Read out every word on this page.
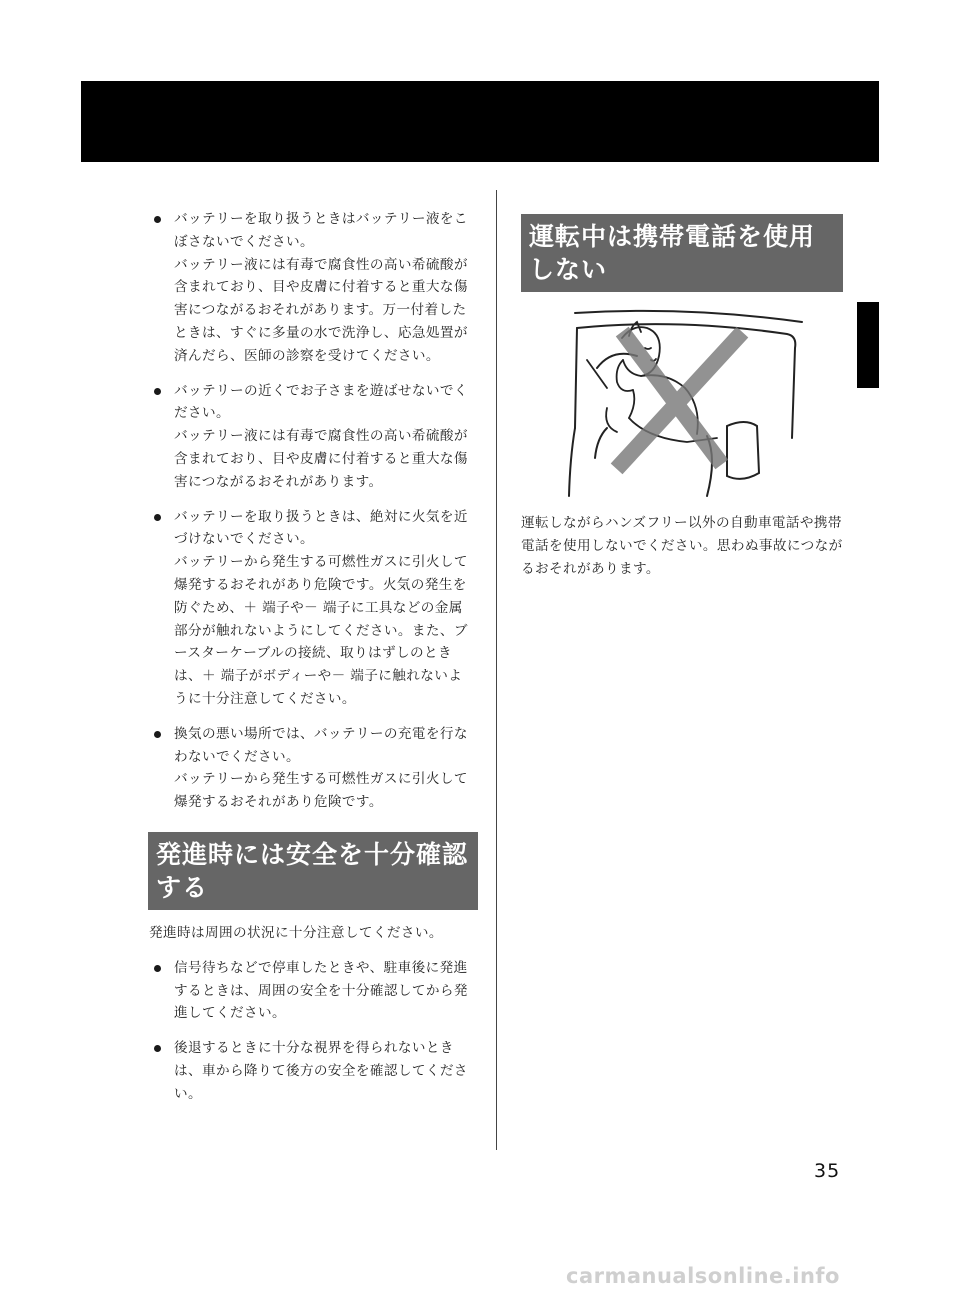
バッテリーを取り扱うときはバッテリー液をこぼさないでください。
バッテリー液には有毒で腐食性の高い希硫酸が含まれており、目や皮膚に付着すると重大な傷害につながるおそれがあります。万一付着したときは、すぐに多量の水で洗浄し、応急処置が済んだら、医師の診察を受けてください。
バッテリーの近くでお子さまを遊ばせないでください。
バッテリー液には有毒で腐食性の高い希硫酸が含まれており、目や皮膚に付着すると重大な傷害につながるおそれがあります。
バッテリーを取り扱うときは、絶対に火気を近づけないでください。
バッテリーから発生する可燃性ガスに引火して爆発するおそれがあり危険です。火気の発生を防ぐため、＋ 端子や－ 端子に工具などの金属部分が触れないようにしてください。また、ブースターケーブルの接続、取りはずしのときは、＋ 端子がボディーや－ 端子に触れないように十分注意してください。
換気の悪い場所では、バッテリーの充電を行なわないでください。
バッテリーから発生する可燃性ガスに引火して爆発するおそれがあり危険です。
発進時には安全を十分確認する

発進時は周囲の状況に十分注意してください。

信号待ちなどで停車したときや、駐車後に発進するときは、周囲の安全を十分確認してから発進してください。
後退するときに十分な視界を得られないときは、車から降りて後方の安全を確認してください。
運転中は携帯電話を使用しない

運転しながらハンズフリー以外の自動車電話や携帯電話を使用しないでください。思わぬ事故につながるおそれがあります。

35
carmanualsonline.info
